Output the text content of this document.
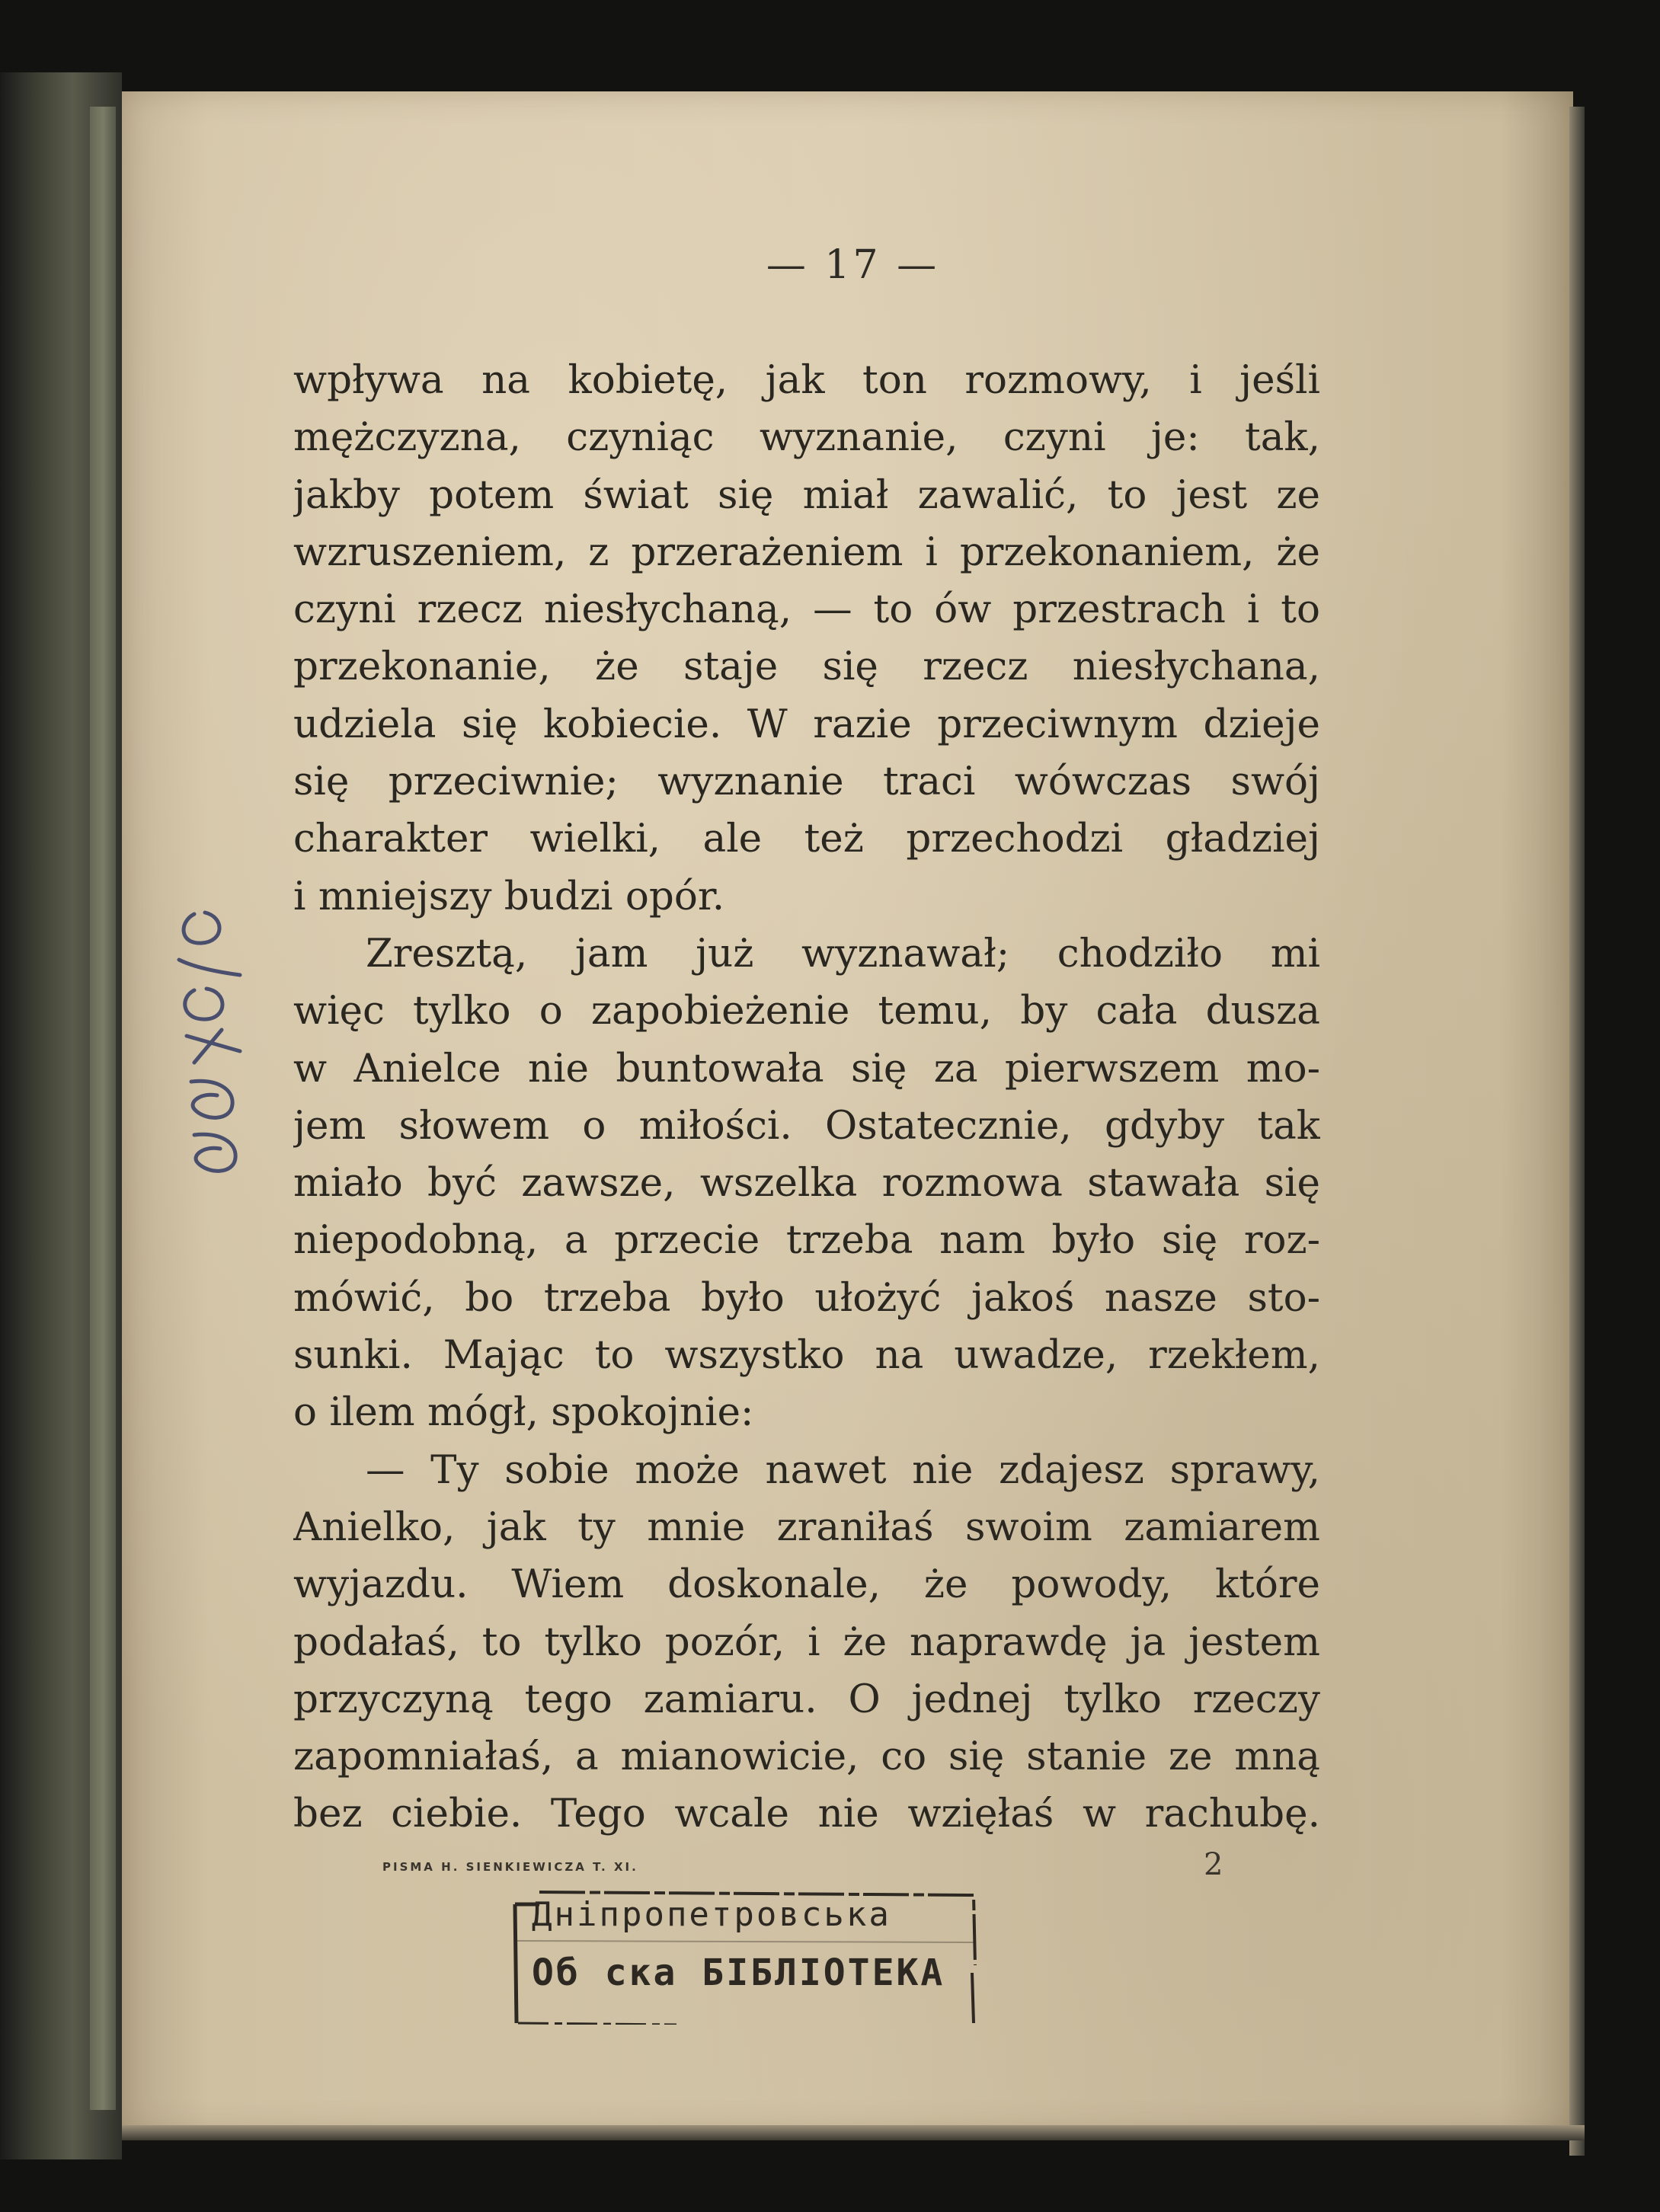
— 17 —
wpływa na kobietę, jak ton rozmowy, i jeśli
mężczyzna, czyniąc wyznanie, czyni je: tak,
jakby potem świat się miał zawalić, to jest ze
wzruszeniem, z przerażeniem i przekonaniem, że
czyni rzecz niesłychaną, — to ów przestrach i to
przekonanie, że staje się rzecz niesłychana,
udziela się kobiecie. W razie przeciwnym dzieje
się przeciwnie; wyznanie traci wówczas swój
charakter wielki, ale też przechodzi gładziej
i mniejszy budzi opór.
Zresztą, jam już wyznawał; chodziło mi
więc tylko o zapobieżenie temu, by cała dusza
w Anielce nie buntowała się za pierwszem mo-
jem słowem o miłości. Ostatecznie, gdyby tak
miało być zawsze, wszelka rozmowa stawała się
niepodobną, a przecie trzeba nam było się roz-
mówić, bo trzeba było ułożyć jakoś nasze sto-
sunki. Mając to wszystko na uwadze, rzekłem,
o ilem mógł, spokojnie:
— Ty sobie może nawet nie zdajesz sprawy,
Anielko, jak ty mnie zraniłaś swoim zamiarem
wyjazdu. Wiem doskonale, że powody, które
podałaś, to tylko pozór, i że naprawdę ja jestem
przyczyną tego zamiaru. O jednej tylko rzeczy
zapomniałaś, a mianowicie, co się stanie ze mną
bez ciebie. Tego wcale nie wzięłaś w rachubę.
PISMA H. SIENKIEWICZA T. XI.	2
Дніпропетровська
Об ска БІБЛІОТЕКА
